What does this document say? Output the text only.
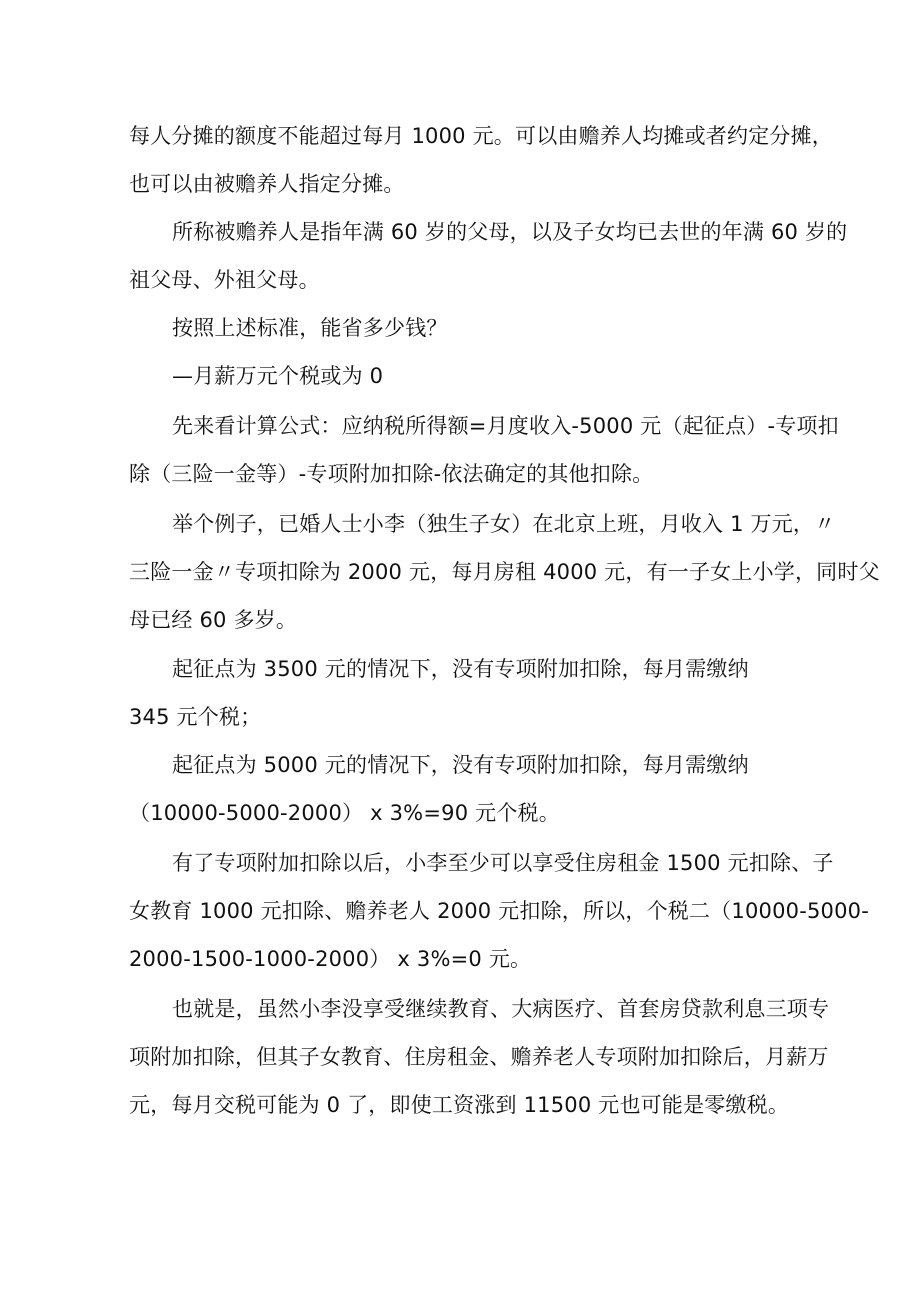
每人分摊的额度不能超过每月 1000 元。可以由赡养人均摊或者约定分摊，
也可以由被赡养人指定分摊。
所称被赡养人是指年满 60 岁的父母，以及子女均已去世的年满 60 岁的
祖父母、外祖父母。
按照上述标准，能省多少钱？
—月薪万元个税或为 0
先来看计算公式：应纳税所得额=月度收入-5000 元（起征点）-专项扣
除（三险一金等）-专项附加扣除-依法确定的其他扣除。
举个例子，已婚人士小李（独生子女）在北京上班，月收入 1 万元，〃
三险一金〃专项扣除为 2000 元，每月房租 4000 元，有一子女上小学，同时父
母已经 60 多岁。
起征点为 3500 元的情况下，没有专项附加扣除，每月需缴纳
345 元个税；
起征点为 5000 元的情况下，没有专项附加扣除，每月需缴纳
（10000-5000-2000） x 3%=90 元个税。
有了专项附加扣除以后，小李至少可以享受住房租金 1500 元扣除、子
女教育 1000 元扣除、赡养老人 2000 元扣除，所以，个税二（10000-5000-
2000-1500-1000-2000） x 3%=0 元。
也就是，虽然小李没享受继续教育、大病医疗、首套房贷款利息三项专
项附加扣除，但其子女教育、住房租金、赡养老人专项附加扣除后，月薪万
元，每月交税可能为 0 了，即使工资涨到 11500 元也可能是零缴税。
